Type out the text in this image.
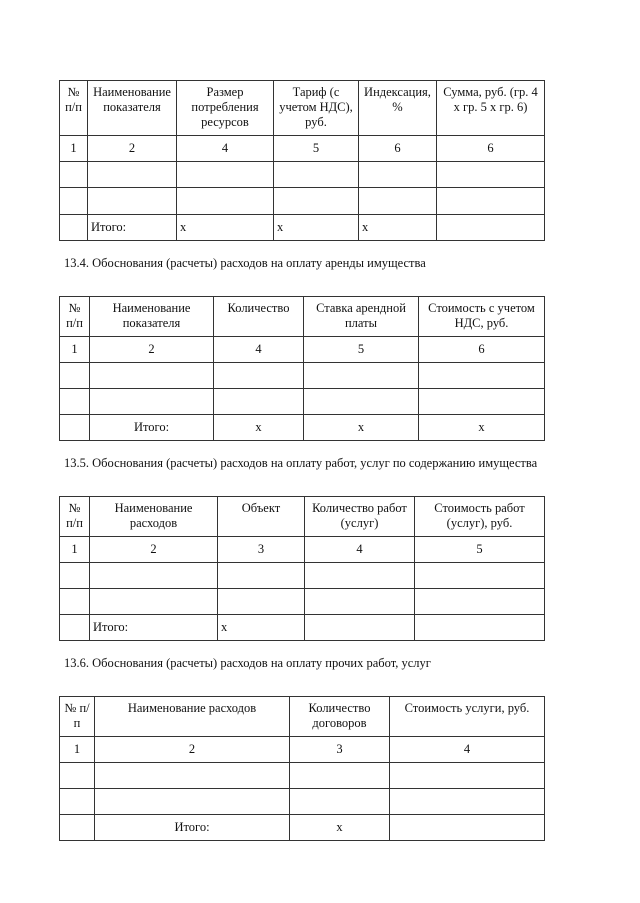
№ п/п	Наименование показателя	Размер потребления ресурсов	Тариф (с учетом НДС), руб.	Индексация, %	Сумма, руб. (гр. 4 x гр. 5 x гр. 6)
1	2	4	5	6	6

	Итого:	x	x	x	
13.4. Обоснования (расчеты) расходов на оплату аренды имущества
№ п/п	Наименование показателя	Количество	Ставка арендной платы	Стоимость с учетом НДС, руб.
1	2	4	5	6

	Итого:	x	x	x
13.5. Обоснования (расчеты) расходов на оплату работ, услуг по содержанию имущества
№ п/п	Наименование расходов	Объект	Количество работ (услуг)	Стоимость работ (услуг), руб.
1	2	3	4	5

	Итого:	x		
13.6. Обоснования (расчеты) расходов на оплату прочих работ, услуг
№ п/п	Наименование расходов	Количество договоров	Стоимость услуги, руб.
1	2	3	4

	Итого:	x	
